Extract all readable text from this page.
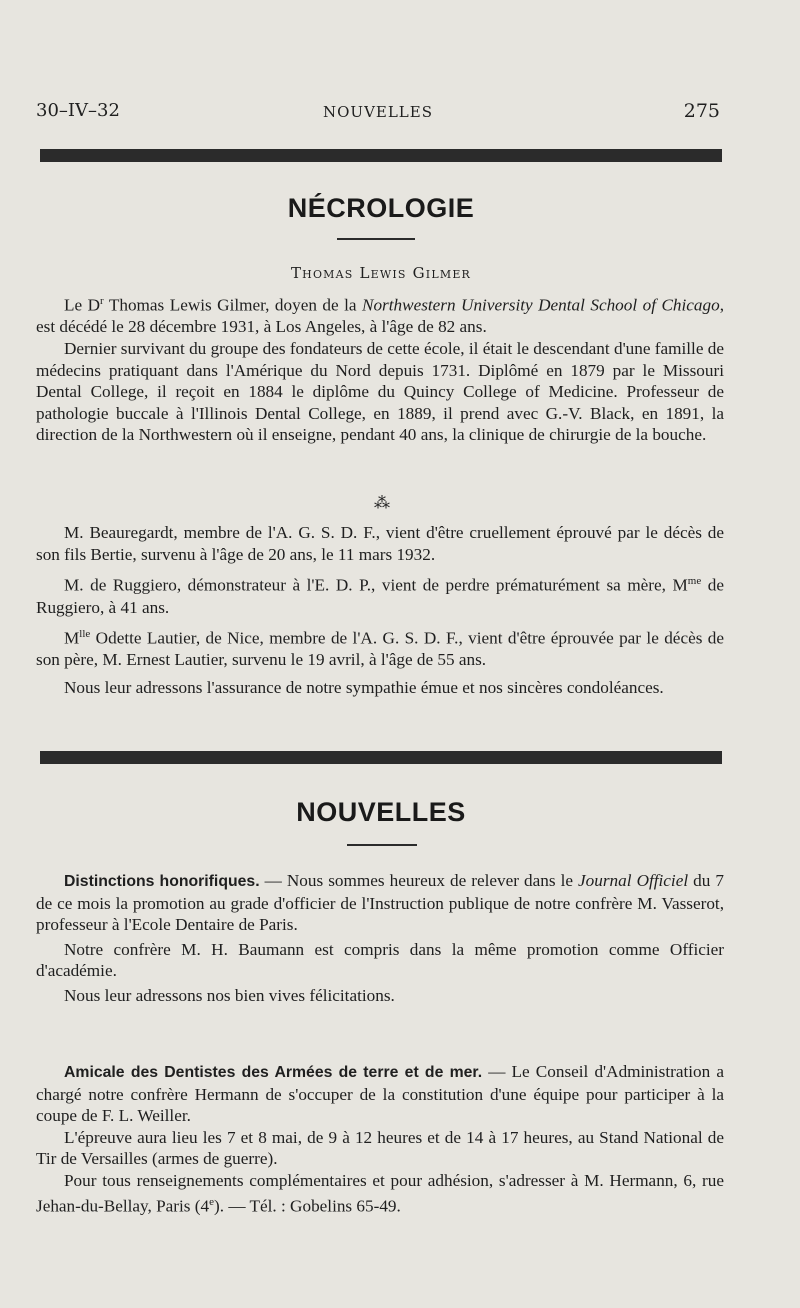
30–IV–32	NOUVELLES	275
NÉCROLOGIE
Thomas Lewis Gilmer

Le $D^r$ Thomas Lewis Gilmer, doyen de la Northwestern University Dental School of Chicago, est décédé le 28 décembre 1931, à Los Angeles, à l'âge de 82 ans.

Dernier survivant du groupe des fondateurs de cette école, il était le descendant d'une famille de médecins pratiquant dans l'Amérique du Nord depuis 1731. Diplômé en 1879 par le Missouri Dental College, il reçoit en 1884 le diplôme du Quincy College of Medicine. Professeur de pathologie buccale à l'Illinois Dental College, en 1889, il prend avec G.-V. Black, en 1891, la direction de la Northwestern où il enseigne, pendant 40 ans, la clinique de chirurgie de la bouche.

⁂

M. Beauregardt, membre de l'A. G. S. D. F., vient d'être cruellement éprouvé par le décès de son fils Bertie, survenu à l'âge de 20 ans, le 11 mars 1932.

M. de Ruggiero, démonstrateur à l'E. D. P., vient de perdre prématurément sa mère, $M^{me}$ de Ruggiero, à 41 ans.

$M^{lle}$ Odette Lautier, de Nice, membre de l'A. G. S. D. F., vient d'être éprouvée par le décès de son père, M. Ernest Lautier, survenu le 19 avril, à l'âge de 55 ans.

Nous leur adressons l'assurance de notre sympathie émue et nos sincères condoléances.

NOUVELLES

Distinctions honorifiques. — Nous sommes heureux de relever dans le Journal Officiel du 7 de ce mois la promotion au grade d'officier de l'Instruction publique de notre confrère M. Vasserot, professeur à l'Ecole Dentaire de Paris.

Notre confrère M. H. Baumann est compris dans la même promotion comme Officier d'académie.

Nous leur adressons nos bien vives félicitations.

Amicale des Dentistes des Armées de terre et de mer. — Le Conseil d'Administration a chargé notre confrère Hermann de s'occuper de la constitution d'une équipe pour participer à la coupe de F. L. Weiller.

L'épreuve aura lieu les 7 et 8 mai, de 9 à 12 heures et de 14 à 17 heures, au Stand National de Tir de Versailles (armes de guerre).

Pour tous renseignements complémentaires et pour adhésion, s'adresser à M. Hermann, 6, rue Jehan-du-Bellay, Paris (4e). — Tél. : Gobelins 65-49.
